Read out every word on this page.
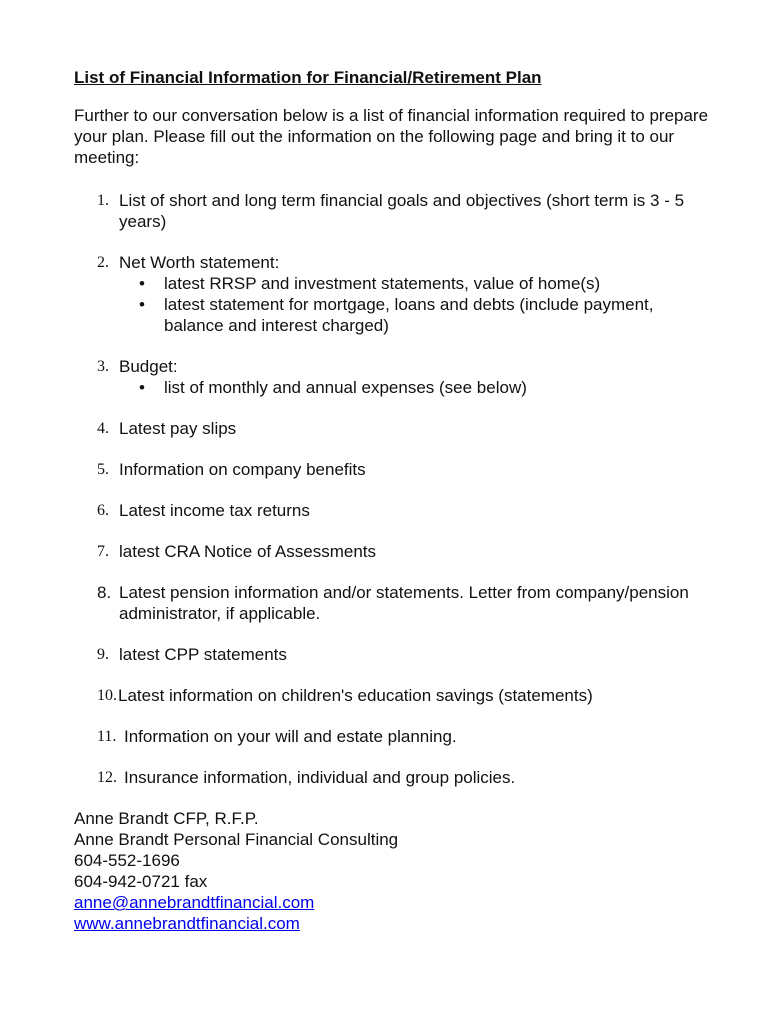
List of Financial Information for Financial/Retirement Plan
Further to our conversation below is a list of financial information required to prepare your plan. Please fill out the information on the following page and bring it to our meeting:
1. List of short and long term financial goals and objectives (short term is 3 - 5 years)
2. Net Worth statement:
• latest RRSP and investment statements, value of home(s)
• latest statement for mortgage, loans and debts (include payment, balance and interest charged)
3. Budget:
• list of monthly and annual expenses (see below)
4. Latest pay slips
5. Information on company benefits
6. Latest income tax returns
7. latest CRA Notice of Assessments
8. Latest pension information and/or statements. Letter from company/pension administrator, if applicable.
9. latest CPP statements
10. Latest information on children's education savings (statements)
11. Information on your will and estate planning.
12. Insurance information, individual and group policies.
Anne Brandt CFP, R.F.P.
Anne Brandt Personal Financial Consulting
604-552-1696
604-942-0721 fax
anne@annebrandtfinancial.com
www.annebrandtfinancial.com
